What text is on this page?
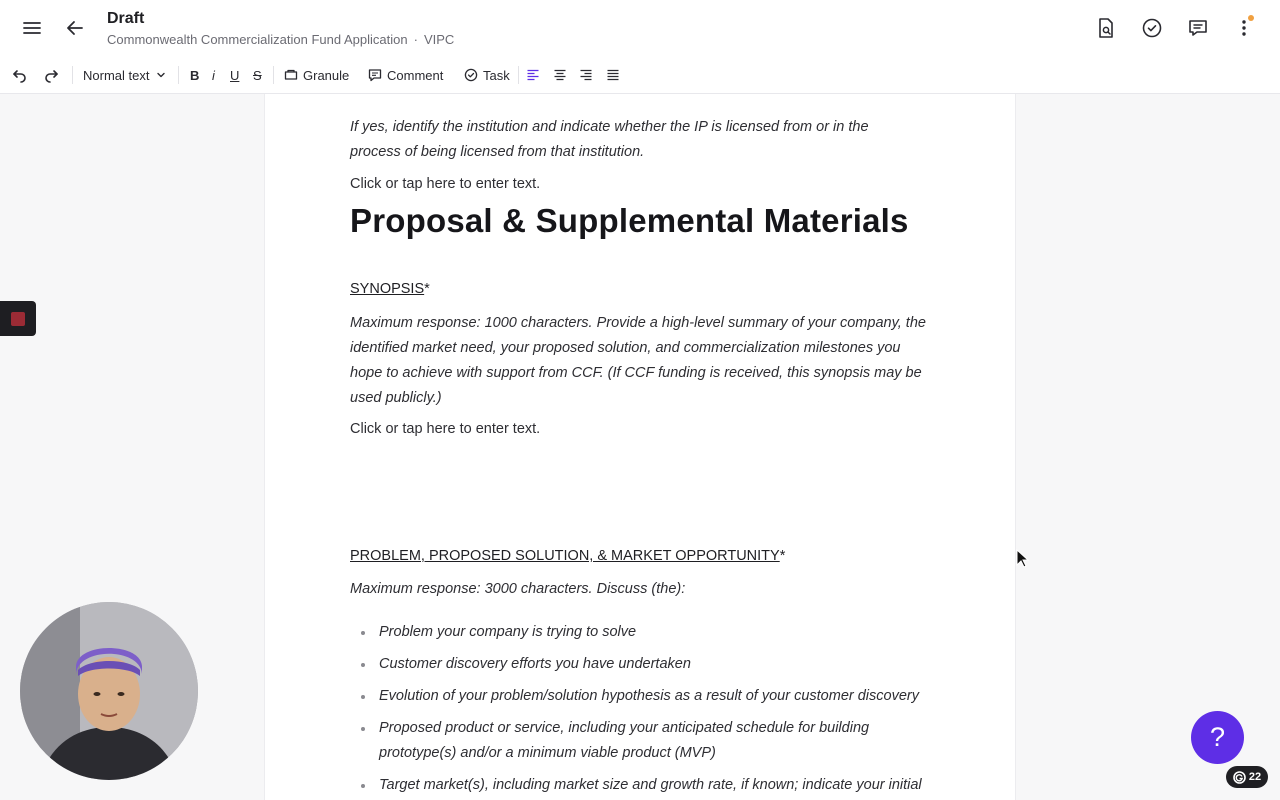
Draft
Commonwealth Commercialization Fund Application · VIPC
Normal text	B i U S	Granule	Comment	Task
If yes, identify the institution and indicate whether the IP is licensed from or in the
process of being licensed from that institution.
Click or tap here to enter text.
Proposal & Supplemental Materials
SYNOPSIS*
Maximum response: 1000 characters. Provide a high-level summary of your company, the
identified market need, your proposed solution, and commercialization milestones you
hope to achieve with support from CCF. (If CCF funding is received, this synopsis may be
used publicly.)
Click or tap here to enter text.
PROBLEM, PROPOSED SOLUTION, & MARKET OPPORTUNITY*
Maximum response: 3000 characters. Discuss (the):
Problem your company is trying to solve
Customer discovery efforts you have undertaken
Evolution of your problem/solution hypothesis as a result of your customer discovery
Proposed product or service, including your anticipated schedule for building
prototype(s) and/or a minimum viable product (MVP)
Target market(s), including market size and growth rate, if known; indicate your initial
?
22
